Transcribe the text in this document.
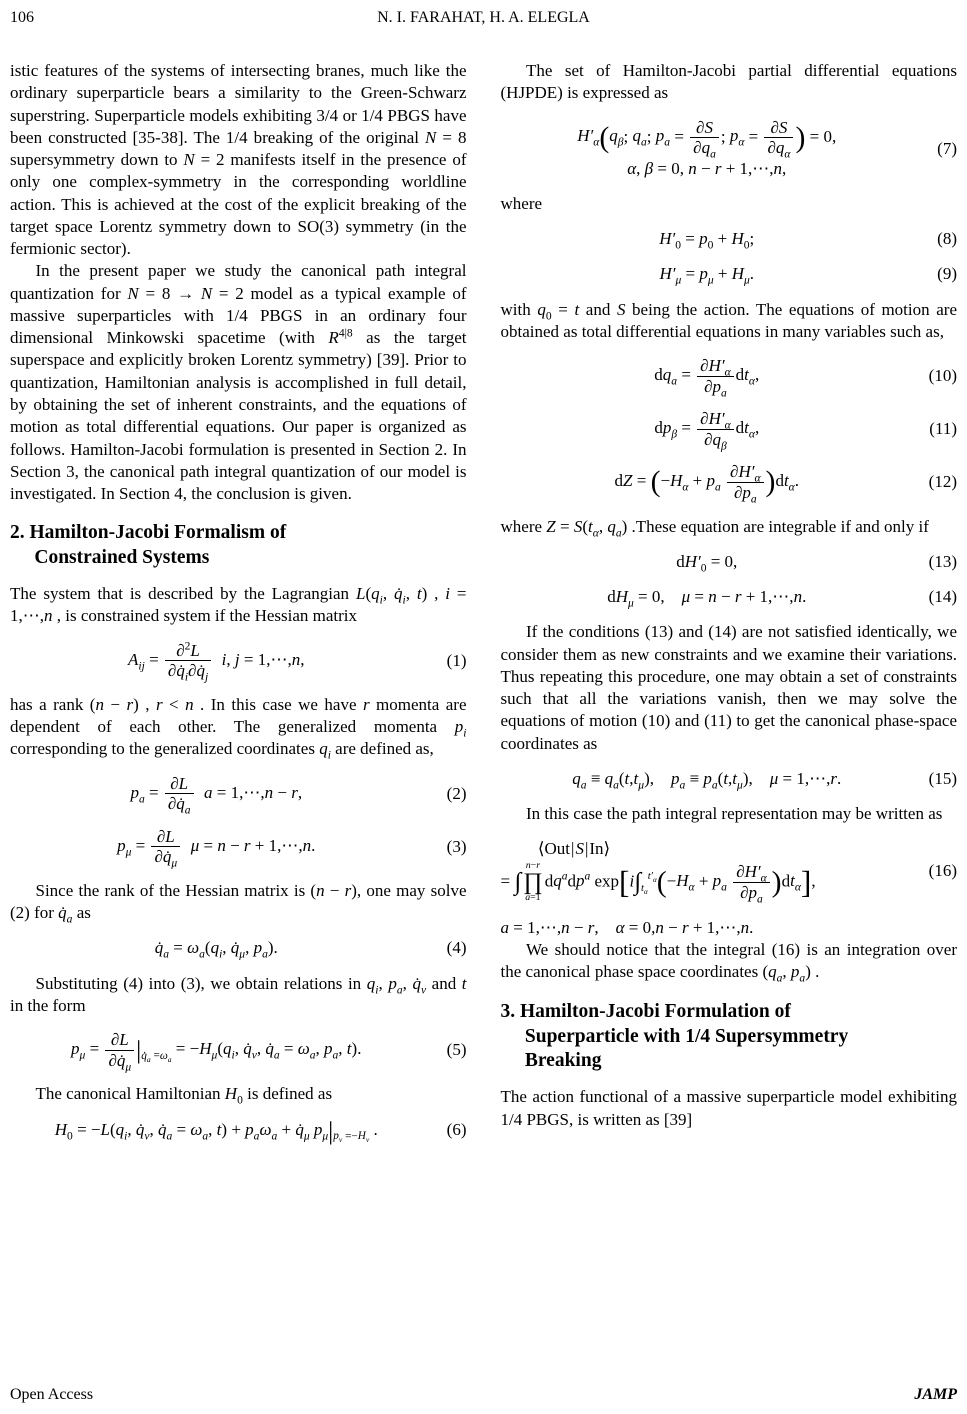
106	N. I. FARAHAT, H. A. ELEGLA

istic features of the systems of intersecting branes, much like the ordinary superparticle bears a similarity to the Green-Schwarz superstring. Superparticle models exhibiting 3/4 or 1/4 PBGS have been constructed [35-38]. The 1/4 breaking of the original N = 8 supersymmetry down to N = 2 manifests itself in the presence of only one complex-symmetry in the corresponding worldline action. This is achieved at the cost of the explicit breaking of the target space Lorentz symmetry down to SO(3) symmetry (in the fermionic sector).

In the present paper we study the canonical path integral quantization for N = 8 → N = 2 model as a typical example of massive superparticles with 1/4 PBGS in an ordinary four dimensional Minkowski spacetime (with $R^{4|8}$ as the target superspace and explicitly broken Lorentz symmetry) [39]. Prior to quantization, Hamiltonian analysis is accomplished in full detail, by obtaining the set of inherent constraints, and the equations of motion as total differential equations. Our paper is organized as follows. Hamilton-Jacobi formulation is presented in Section 2. In Section 3, the canonical path integral quantization of our model is investigated. In Section 4, the conclusion is given.

2. Hamilton-Jacobi Formalism of
Constrained Systems

The system that is described by the Lagrangian $L(q_i$, $q̇_i$, t) , i = 1,⋯,n , is constrained system if the Hessian matrix

$A_{ij} = \frac{\partial^2L}{\partial q̇_i\partial q̇_j}$
  i, j = 1,⋯,n,	(1)

has a rank (n − r) , r < n . In this case we have r momenta are dependent of each other. The generalized momenta $p_i$ corresponding to the generalized coordinates $q_i$ are defined as,

$p_a = \frac{\partial L}{\partial q̇_a}$
  a = 1,⋯,n − r,	(2)
$p_\mu = \frac{\partial L}{\partial q̇_\mu}$
  μ = n − r + 1,⋯,n.	(3)

Since the rank of the Hessian matrix is (n − r), one may solve (2) for $q̇_a$ as

$q̇_a = \omega_a(q_i$, $q̇_\mu$, $p_a$).	(4)

Substituting (4) into (3), we obtain relations in $q_i$, $p_a$, $q̇_\nu$ and t in the form

$p_\mu = \frac{\partial L}{\partial q̇_\mu} |_{q̇_a =\omega_a} = -H_\mu(q_i$, $q̇_\nu$, $q̇_a = \omega_a$, $p_a$, t).	(5)

The canonical Hamiltonian $H_0$ is defined as

$H_0 = -L(q_i$, $q̇_\nu$, $q̇_a = \omega_a$, $t) + p_a\omega_a$ + $q̇_\mu$ $p_\mu|_{p_\nu =-H_\nu}$ .	(6)

The set of Hamilton-Jacobi partial differential equations (HJPDE) is expressed as

$H'_\alpha(q_\beta$; $q_a$; $p_a = \frac{\partial S}{\partial q_a}$ ; $p_\alpha = \frac{\partial S}{\partial q_\alpha}$ ) = 0,
α, β = 0, n − r + 1,⋯,n,
(7)

where

$H'_0 = p_0 + H_0$;	(8)
$H'_\mu = p_\mu + H_\mu$.	(9)

with $q_0 = t$ and S being the action. The equations of motion are obtained as total differential equations in many variables such as,

$dq_a = \frac{\partial H'_\alpha}{\partial p_a} dt_\alpha$,	(10)
$dp_\beta = \frac{\partial H'_\alpha}{\partial q_\beta} dt_\alpha$,	(11)
dZ = $(-H_\alpha + p_a \frac{\partial H'_\alpha}{\partial p_a} )dt_\alpha$.	(12)

where $Z = S(t_\alpha$, $q_a$) .These equation are integrable if and only if

$dH'_0 = 0$,	(13)
$dH_\mu = 0$, μ = n − r + 1,⋯,n.	(14)

If the conditions (13) and (14) are not satisfied identically, we consider them as new constraints and we examine their variations. Thus repeating this procedure, one may obtain a set of constraints such that all the variations vanish, then we may solve the equations of motion (10) and (11) to get the canonical phase-space coordinates as

$q_a \equiv q_a(t,t_\mu)$, $p_a \equiv p_a(t,t_\mu)$, μ = 1,⋯,r.	(15)

In this case the path integral representation may be written as

⟨Out|S|In⟩
= ∫
n−r
∏
a=1
$dq^adp^a$ $\exp[i\int_{t_\alpha}^{t'_\alpha}(-H_\alpha + p_a \frac{\partial H'_\alpha}{\partial p_a} )dt_\alpha]$,
(16)

a = 1,⋯,n − r, α = 0,n − r + 1,⋯,n.

We should notice that the integral (16) is an integration over the canonical phase space coordinates ($q_a$, $p_a$) .

3. Hamilton-Jacobi Formulation of
Superparticle with 1/4 Supersymmetry
Breaking

The action functional of a massive superparticle model exhibiting 1/4 PBGS, is written as [39]

Open Access	JAMP
